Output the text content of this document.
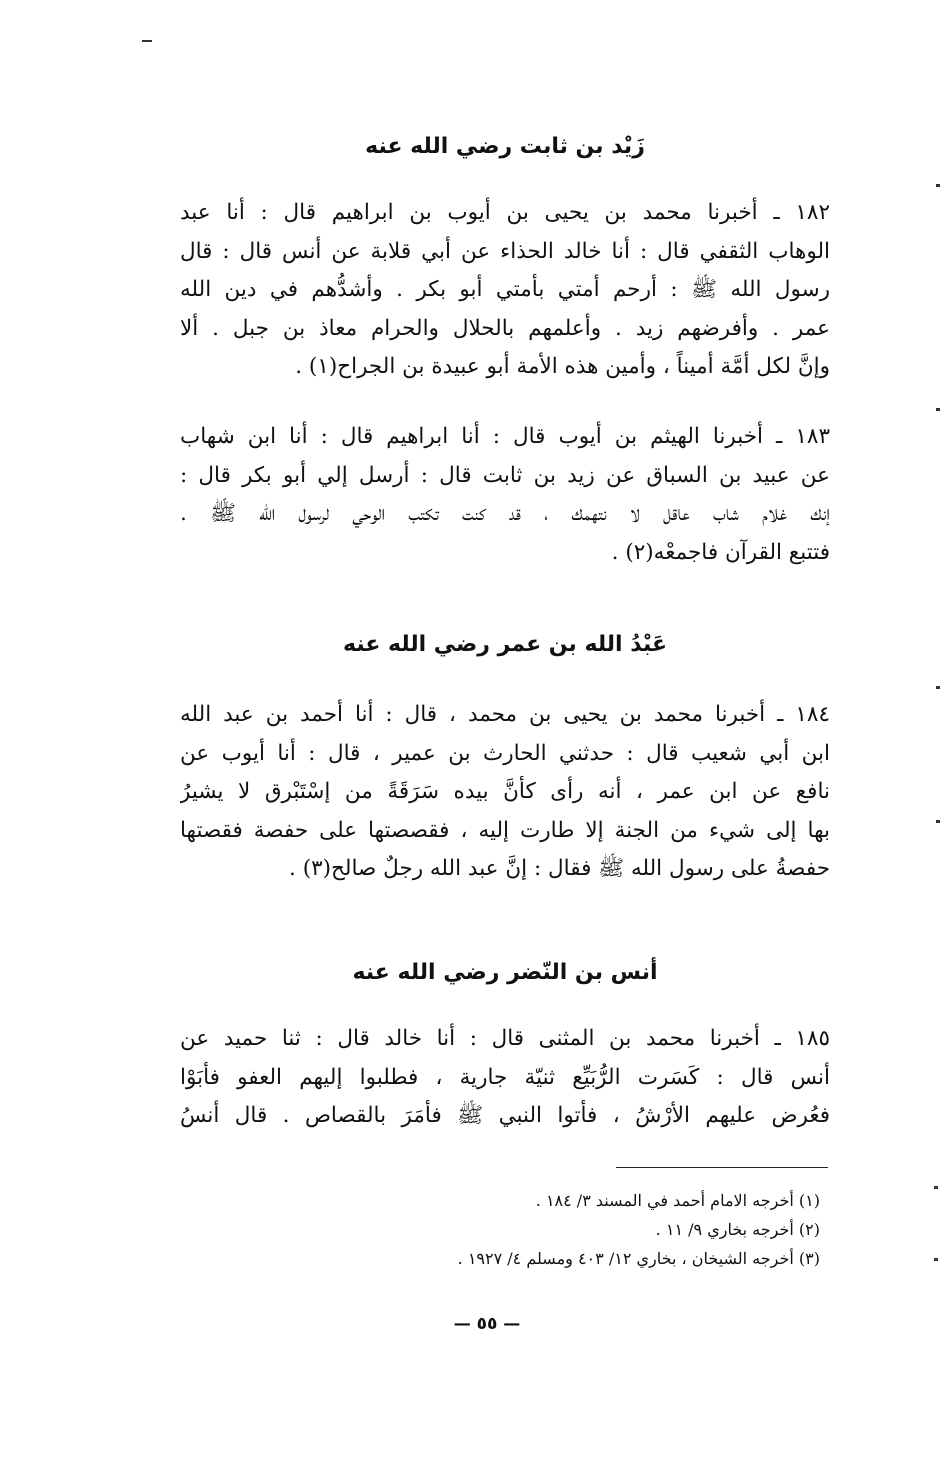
زَيْد بن ثابت رضي الله عنه
١٨٢ ـ أخبرنا محمد بن يحيى بن أيوب بن ابراهيم قال : أنا عبد
الوهاب الثقفي قال : أنا خالد الحذاء عن أبي قلابة عن أنس قال : قال
رسول الله ﷺ : أرحم أمتي بأمتي أبو بكر . وأشدُّهم في دين الله
عمر . وأفرضهم زيد . وأعلمهم بالحلال والحرام معاذ بن جبل . ألا
وإنَّ لكل أمَّة أميناً ، وأمين هذه الأمة أبو عبيدة بن الجراح(١) .
١٨٣ ـ أخبرنا الهيثم بن أيوب قال : أنا ابراهيم قال : أنا ابن شهاب
عن عبيد بن السباق عن زيد بن ثابت قال : أرسل إلي أبو بكر قال :
إنك غلام شاب عاقل لا نتهمك ، قد كنت تكتب الوحي لرسول الله ﷺ .
فتتبع القرآن فاجمعْه(٢) .
عَبْدُ الله بن عمر رضي الله عنه
١٨٤ ـ أخبرنا محمد بن يحيى بن محمد ، قال : أنا أحمد بن عبد الله
ابن أبي شعيب قال : حدثني الحارث بن عمير ، قال : أنا أيوب عن
نافع عن ابن عمر ، أنه رأى كأنَّ بيده سَرَقَةً من إسْتَبْرق لا يشيرُ
بها إلى شيء من الجنة إلا طارت إليه ، فقصصتها على حفصة فقصتها
حفصةُ على رسول الله ﷺ فقال : إنَّ عبد الله رجلٌ صالح(٣) .
أنس بن النّضر رضي الله عنه
١٨٥ ـ أخبرنا محمد بن المثنى قال : أنا خالد قال : ثنا حميد عن
أنس قال : كَسَرت الرُّبَيِّع ثنيّة جارية ، فطلبوا إليهم العفو فأبَوْا
فعُرض عليهم الأرْشُ ، فأتوا النبي ﷺ فأمَرَ بالقصاص . قال أنسُ
(١) أخرجه الامام أحمد في المسند ٣/ ١٨٤ .
(٢) أخرجه بخاري ٩/ ١١ .
(٣) أخرجه الشيخان ، بخاري ١٢/ ٤٠٣ ومسلم ٤/ ١٩٢٧ .
— ٥٥ —
